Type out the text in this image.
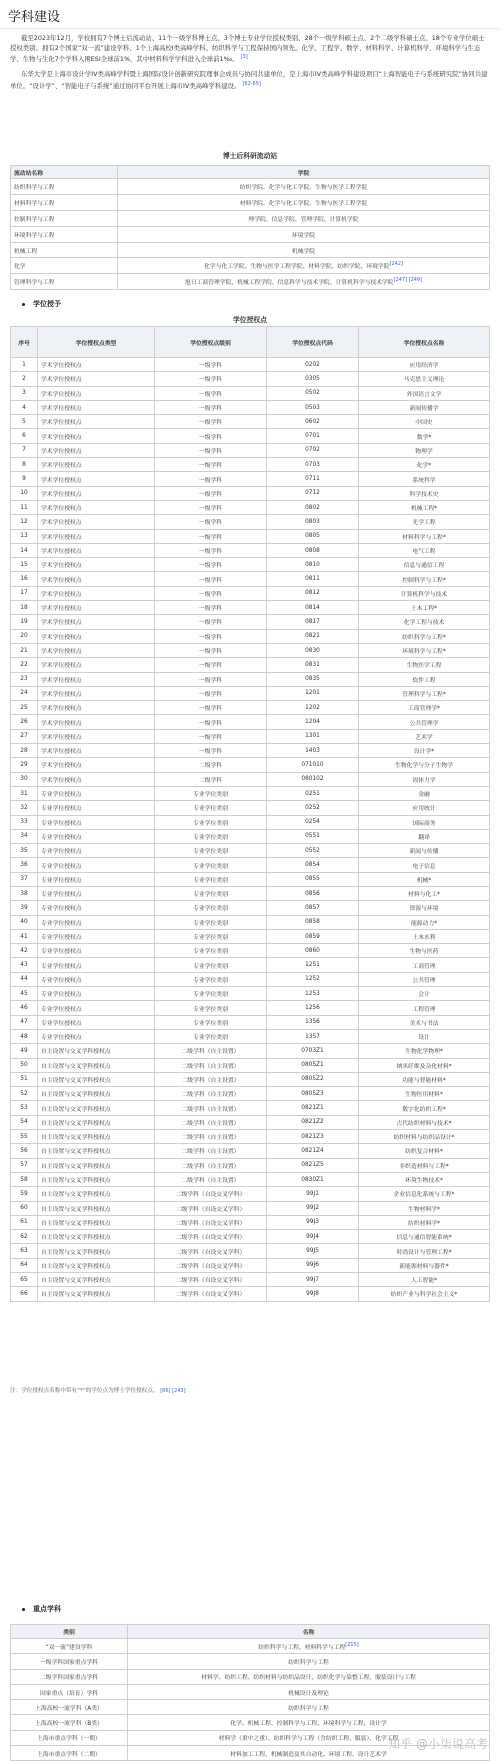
学科建设

截至2023年12月，学校拥有7个博士后流动站、11个一级学科博士点、3个博士专业学位授权类别、28个一级学科硕士点、2个二级学科硕士点、18个专业学位硕士授权类别；拥有2个国家“双一流”建设学科、1个上海高校I类高峰学科。纺织科学与工程保持国内领先。化学、工程学、数学、材料科学、计算机科学、环境科学与生态学、生物与生化7个学科入围ESI全球前1%，其中材料科学学科进入全球前1‰。 [3]

东华大学是上海市设计学IV类高峰学科暨上海国际设计创新研究院理事会成员与协同共建单位，是上海市IV类高峰学科建设项目“上海智能电子与系统研究院”协同共建单位。“设计学”、“智能电子与系统”通过协同平台开展上海市IV类高峰学科建设。 [62-65]

博士后科研流动站
流动站名称	学院
纺织科学与工程	纺织学院、化学与化工学院、生物与医学工程学院
材料科学与工程	材料学院、化学与化工学院、生物与医学工程学院
控制科学与工程	理学院、信息学院、管理学院、计算机学院
环境科学与工程	环境学院
机械工程	机械学院
化学	化学与化工学院、生物与医学工程学院、材料学院、纺织学院、环境学院[242]
管理科学与工程	旭日工商管理学院、机械工程学院、信息科学与技术学院、计算机科学与技术学院[247] [249]
学位授予
学位授权点
序号	学位授权点类型	学位授权点级别	学位授权点代码	学位授权点名称
1	学术学位授权点	一级学科	0202	应用经济学
2	学术学位授权点	一级学科	0305	马克思主义理论
3	学术学位授权点	一级学科	0502	外国语言文学
4	学术学位授权点	一级学科	0503	新闻传播学
5	学术学位授权点	一级学科	0602	中国史
6	学术学位授权点	一级学科	0701	数学*
7	学术学位授权点	一级学科	0702	物理学
8	学术学位授权点	一级学科	0703	化学*
9	学术学位授权点	一级学科	0711	系统科学
10	学术学位授权点	一级学科	0712	科学技术史
11	学术学位授权点	一级学科	0802	机械工程*
12	学术学位授权点	一级学科	0803	光学工程
13	学术学位授权点	一级学科	0805	材料科学与工程*
14	学术学位授权点	一级学科	0808	电气工程
15	学术学位授权点	一级学科	0810	信息与通信工程
16	学术学位授权点	一级学科	0811	控制科学与工程*
17	学术学位授权点	一级学科	0812	计算机科学与技术
18	学术学位授权点	一级学科	0814	土木工程*
19	学术学位授权点	一级学科	0817	化学工程与技术
20	学术学位授权点	一级学科	0821	纺织科学与工程*
21	学术学位授权点	一级学科	0830	环境科学与工程*
22	学术学位授权点	一级学科	0831	生物医学工程
23	学术学位授权点	一级学科	0835	软件工程
24	学术学位授权点	一级学科	1201	管理科学与工程*
25	学术学位授权点	一级学科	1202	工商管理学*
26	学术学位授权点	一级学科	1204	公共管理学
27	学术学位授权点	一级学科	1301	艺术学
28	学术学位授权点	一级学科	1403	设计学*
29	学术学位授权点	二级学科	071010	生物化学与分子生物学
30	学术学位授权点	二级学科	080102	固体力学
31	专业学位授权点	专业学位类别	0251	金融
32	专业学位授权点	专业学位类别	0252	应用统计
33	专业学位授权点	专业学位类别	0254	国际商务
34	专业学位授权点	专业学位类别	0551	翻译
35	专业学位授权点	专业学位类别	0552	新闻与传播
36	专业学位授权点	专业学位类别	0854	电子信息
37	专业学位授权点	专业学位类别	0855	机械*
38	专业学位授权点	专业学位类别	0856	材料与化工*
39	专业学位授权点	专业学位类别	0857	资源与环境
40	专业学位授权点	专业学位类别	0858	能源动力*
41	专业学位授权点	专业学位类别	0859	土木水利
42	专业学位授权点	专业学位类别	0860	生物与医药
43	专业学位授权点	专业学位类别	1251	工商管理
44	专业学位授权点	专业学位类别	1252	公共管理
45	专业学位授权点	专业学位类别	1253	会计
46	专业学位授权点	专业学位类别	1256	工程管理
47	专业学位授权点	专业学位类别	1356	美术与书法
48	专业学位授权点	专业学位类别	1357	设计
49	自主设置与交叉学科授权点	二级学科（自主设置）	0703Z1	生物化学物理*
50	自主设置与交叉学科授权点	二级学科（自主设置）	0805Z1	纳米纤维及杂化材料*
51	自主设置与交叉学科授权点	二级学科（自主设置）	0805Z2	功能与智能材料*
52	自主设置与交叉学科授权点	二级学科（自主设置）	0805Z3	生物医用材料*
53	自主设置与交叉学科授权点	二级学科（自主设置）	0821Z1	数字化纺织工程*
54	自主设置与交叉学科授权点	二级学科（自主设置）	0821Z2	古代纺织材料与技术*
55	自主设置与交叉学科授权点	二级学科（自主设置）	0821Z3	纺织材料与纺织品设计*
56	自主设置与交叉学科授权点	二级学科（自主设置）	0821Z4	纺织复合材料*
57	自主设置与交叉学科授权点	二级学科（自主设置）	0821Z5	非织造材料与工程*
58	自主设置与交叉学科授权点	二级学科（自主设置）	0830Z1	环境生物技术*
59	自主设置与交叉学科授权点	二级学科（自设交叉学科）	99J1	企业信息化系统与工程*
60	自主设置与交叉学科授权点	二级学科（自设交叉学科）	99J2	生物材料学*
61	自主设置与交叉学科授权点	二级学科（自设交叉学科）	99J3	纺织材料学*
62	自主设置与交叉学科授权点	二级学科（自设交叉学科）	99J4	信息与通信智能系统*
63	自主设置与交叉学科授权点	二级学科（自设交叉学科）	99J5	时尚设计与管理工程*
64	自主设置与交叉学科授权点	二级学科（自设交叉学科）	99J6	新能源材料与器件*
65	自主设置与交叉学科授权点	二级学科（自设交叉学科）	99J7	人工智能*
66	自主设置与交叉学科授权点	二级学科（自设交叉学科）	99J8	纺织产业与科学社会主义*
注：学位授权点名称中带有“*”的学位点为博士学位授权点。 [66] [243]
重点学科
类别	名称
“双一流”建设学科	纺织科学与工程、材料科学与工程[215]
一级学科国家重点学科	纺织科学与工程
二级学科国家重点学科	材料学、纺织工程、纺织材料与纺织品设计、纺织化学与染整工程、服装设计与工程
国家重点（培育）学科	机械设计及理论
上海高校一流学科（A类）	纺织科学与工程
上海高校一流学科（B类）	化学、机械工程、控制科学与工程、环境科学与工程、设计学
上海市重点学科（一期）	材料学（重中之重）、纺织科学与工程（含纺织工程、服装）、化学工程
上海市重点学科（二期）	材料加工工程、机械制造及其自动化、环境工程、设计艺术学
知乎 @小柒说高考
